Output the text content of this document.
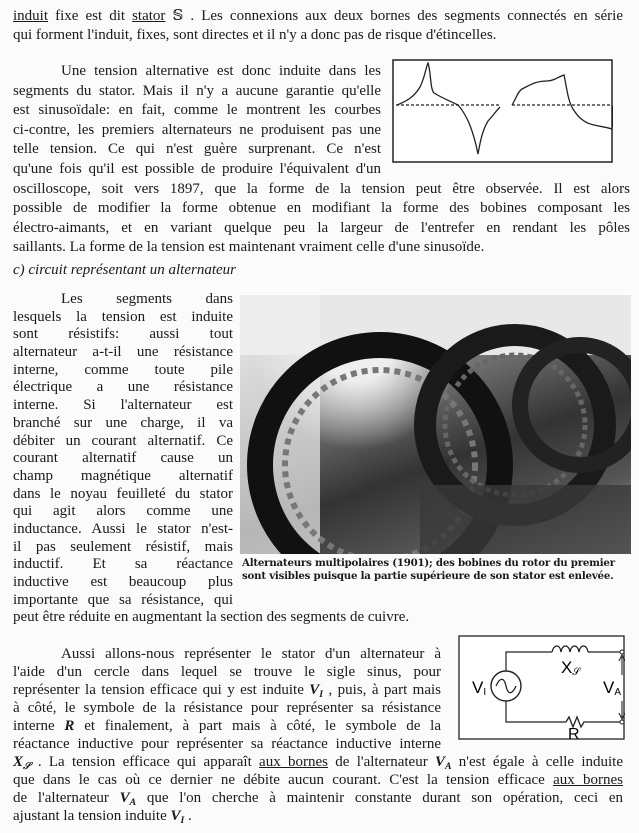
induit fixe est dit stator 𝕊 . Les connexions aux deux bornes des segments connectés en série
qui forment l'induit, fixes, sont directes et il n'y a donc pas de risque d'étincelles.
Une tension alternative est donc induite dans les
segments du stator. Mais il n'y a aucune garantie qu'elle
est sinusoïdale: en fait, comme le montrent les courbes
ci-contre, les premiers alternateurs ne produisent pas une
telle tension. Ce qui n'est guère surprenant. Ce n'est
qu'une fois qu'il est possible de produire l'équivalent d'un
oscilloscope, soit vers 1897, que la forme de la tension peut être observée. Il est alors
possible de modifier la forme obtenue en modifiant la forme des bobines composant les
électro-aimants, et en variant quelque peu la largeur de l'entrefer en rendant les pôles
saillants. La forme de la tension est maintenant vraiment celle d'une sinusoïde.
c) circuit représentant un alternateur
Les segments dans
lesquels la tension est induite
sont résistifs: aussi tout
alternateur a-t-il une résistance
interne, comme toute pile
électrique a une résistance
interne. Si l'alternateur est
branché sur une charge, il va
débiter un courant alternatif. Ce
courant alternatif cause un
champ magnétique alternatif
dans le noyau feuilleté du stator
qui agit alors comme une
inductance. Aussi le stator n'est-
il pas seulement résistif, mais
inductif. Et sa réactance
inductive est beaucoup plus
importante que sa résistance, qui
peut être réduite en augmentant la section des segments de cuivre.
Alternateurs multipolaires (1901); des bobines du rotor du premier sont visibles puisque la partie supérieure de son stator est enlevée.
Aussi allons-nous représenter le stator d'un alternateur à
l'aide d'un cercle dans lequel se trouve le sigle sinus, pour
représenter la tension efficace qui y est induite $V_I$ , puis, à part mais
à côté, le symbole de la résistance pour représenter sa résistance
interne R et finalement, à part mais à côté, le symbole de la
réactance inductive pour représenter sa réactance inductive interne
$X_𝒮$ . La tension efficace qui apparaît aux bornes de l'alternateur $V_A$ n'est égale à celle induite
que dans le cas où ce dernier ne débite aucun courant. C'est la tension efficace aux bornes
de l'alternateur $V_A$ que l'on cherche à maintenir constante durant son opération, ceci en
ajustant la tension induite $V_I$ .
VI
X𝒮
R
VA
